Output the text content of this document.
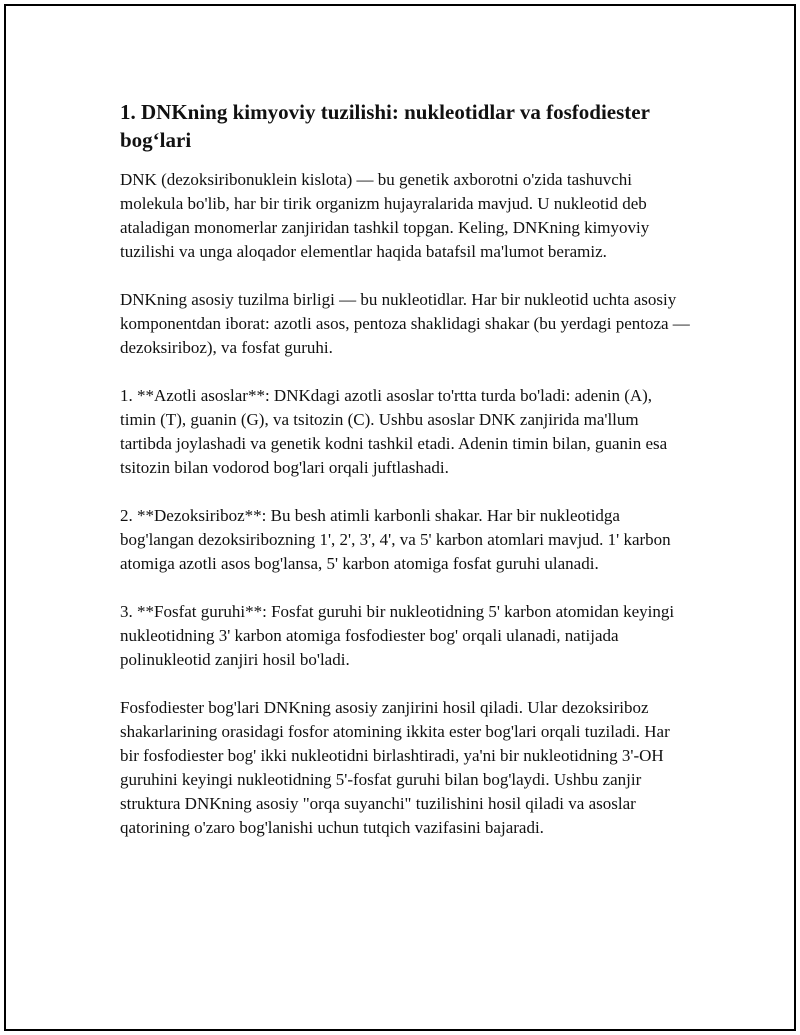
1. DNKning kimyoviy tuzilishi: nukleotidlar va fosfodiester bog‘lari

DNK (dezoksiribonuklein kislota) — bu genetik axborotni o'zida tashuvchi molekula bo'lib, har bir tirik organizm hujayralarida mavjud. U nukleotid deb ataladigan monomerlar zanjiridan tashkil topgan. Keling, DNKning kimyoviy tuzilishi va unga aloqador elementlar haqida batafsil ma'lumot beramiz.

DNKning asosiy tuzilma birligi — bu nukleotidlar. Har bir nukleotid uchta asosiy komponentdan iborat: azotli asos, pentoza shaklidagi shakar (bu yerdagi pentoza — dezoksiriboz), va fosfat guruhi.

1. **Azotli asoslar**: DNKdagi azotli asoslar to'rtta turda bo'ladi: adenin (A), timin (T), guanin (G), va tsitozin (C). Ushbu asoslar DNK zanjirida ma'llum tartibda joylashadi va genetik kodni tashkil etadi. Adenin timin bilan, guanin esa tsitozin bilan vodorod bog'lari orqali juftlashadi.

2. **Dezoksiriboz**: Bu besh atimli karbonli shakar. Har bir nukleotidga bog'langan dezoksiribozning 1', 2', 3', 4', va 5' karbon atomlari mavjud. 1' karbon atomiga azotli asos bog'lansa, 5' karbon atomiga fosfat guruhi ulanadi.

3. **Fosfat guruhi**: Fosfat guruhi bir nukleotidning 5' karbon atomidan keyingi nukleotidning 3' karbon atomiga fosfodiester bog' orqali ulanadi, natijada polinukleotid zanjiri hosil bo'ladi.

Fosfodiester bog'lari DNKning asosiy zanjirini hosil qiladi. Ular dezoksiriboz shakarlarining orasidagi fosfor atomining ikkita ester bog'lari orqali tuziladi. Har bir fosfodiester bog' ikki nukleotidni birlashtiradi, ya'ni bir nukleotidning 3'-OH guruhini keyingi nukleotidning 5'-fosfat guruhi bilan bog'laydi. Ushbu zanjir struktura DNKning asosiy "orqa suyanchi" tuzilishini hosil qiladi va asoslar qatorining o'zaro bog'lanishi uchun tutqich vazifasini bajaradi.
